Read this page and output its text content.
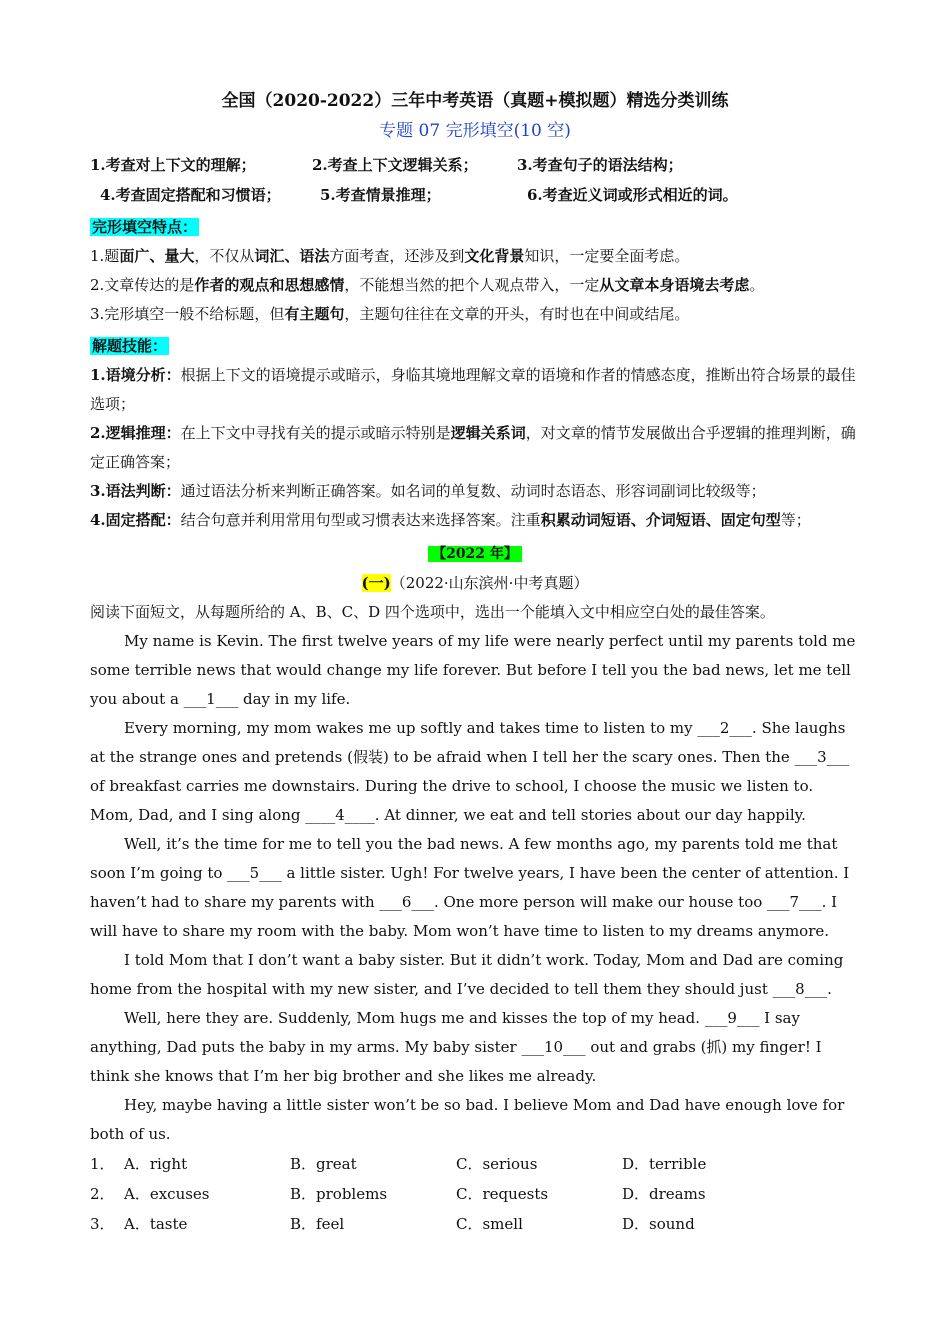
全国（2020-2022）三年中考英语（真题+模拟题）精选分类训练
专题 07 完形填空(10 空)
1.考查对上下文的理解；	2.考查上下文逻辑关系；	3.考查句子的语法结构；
4.考查固定搭配和习惯语；	5.考查情景推理；	6.考查近义词或形式相近的词。

完形填空特点：

1.题面广、量大，不仅从词汇、语法方面考查，还涉及到文化背景知识，一定要全面考虑。

2.文章传达的是作者的观点和思想感情，不能想当然的把个人观点带入，一定从文章本身语境去考虑。

3.完形填空一般不给标题，但有主题句，主题句往往在文章的开头，有时也在中间或结尾。

解题技能：

1.语境分析：根据上下文的语境提示或暗示，身临其境地理解文章的语境和作者的情感态度，推断出符合场景的最佳选项；

2.逻辑推理：在上下文中寻找有关的提示或暗示特别是逻辑关系词，对文章的情节发展做出合乎逻辑的推理判断，确定正确答案；

3.语法判断：通过语法分析来判断正确答案。如名词的单复数、动词时态语态、形容词副词比较级等；

4.固定搭配：结合句意并利用常用句型或习惯表达来选择答案。注重积累动词短语、介词短语、固定句型等；

【2022 年】

(一)（2022·山东滨州·中考真题）

阅读下面短文，从每题所给的 A、B、C、D 四个选项中，选出一个能填入文中相应空白处的最佳答案。

My name is Kevin. The first twelve years of my life were nearly perfect until my parents told me some terrible news that would change my life forever. But before I tell you the bad news, let me tell you about a ___1___ day in my life.

Every morning, my mom wakes me up softly and takes time to listen to my ___2___. She laughs at the strange ones and pretends (假装) to be afraid when I tell her the scary ones. Then the ___3___ of breakfast carries me downstairs. During the drive to school, I choose the music we listen to. Mom, Dad, and I sing along ____4____. At dinner, we eat and tell stories about our day happily.

Well, it’s the time for me to tell you the bad news. A few months ago, my parents told me that soon I’m going to ___5___ a little sister. Ugh! For twelve years, I have been the center of attention. I haven’t had to share my parents with ___6___. One more person will make our house too ___7___. I will have to share my room with the baby. Mom won’t have time to listen to my dreams anymore.

I told Mom that I don’t want a baby sister. But it didn’t work. Today, Mom and Dad are coming home from the hospital with my new sister, and I’ve decided to tell them they should just ___8___.

Well, here they are. Suddenly, Mom hugs me and kisses the top of my head. ___9___ I say anything, Dad puts the baby in my arms. My baby sister ___10___ out and grabs (抓) my finger! I think she knows that I’m her big brother and she likes me already.

Hey, maybe having a little sister won’t be so bad. I believe Mom and Dad have enough love for both of us.

1． A．right	B．great	C．serious	D．terrible
2． A．excuses	B．problems	C．requests	D．dreams
3． A．taste	B．feel	C．smell	D．sound
